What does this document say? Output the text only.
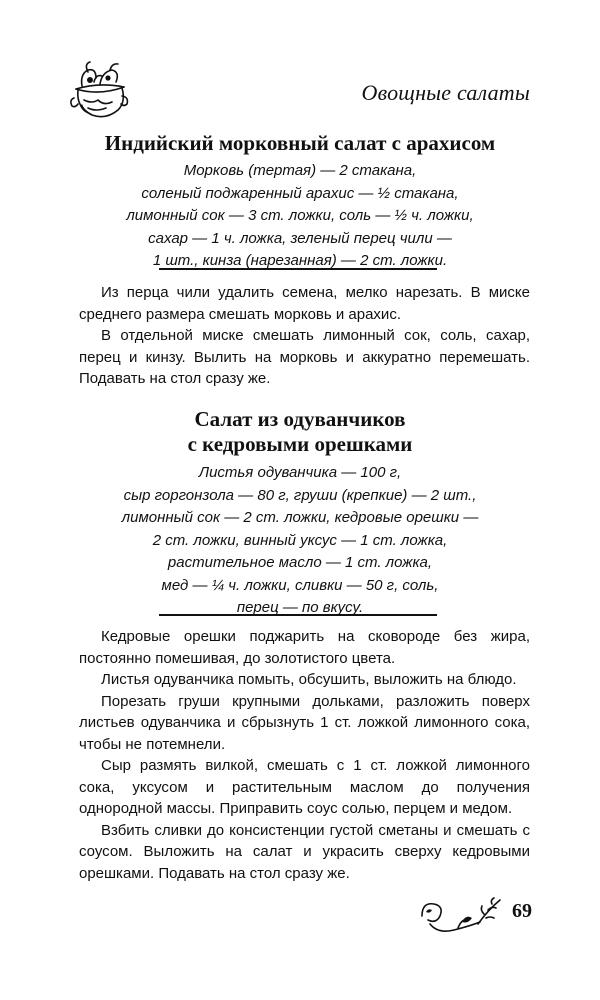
Овощные салаты
Индийский морковный салат с арахисом
Морковь (тертая) — 2 стакана,
соленый поджаренный арахис — ½ стакана,
лимонный сок — 3 ст. ложки, соль — ½ ч. ложки,
сахар — 1 ч. ложка, зеленый перец чили —
1 шт., кинза (нарезанная) — 2 ст. ложки.

Из перца чили удалить семена, мелко нарезать. В миске среднего размера смешать морковь и арахис.

В отдельной миске смешать лимонный сок, соль, сахар, перец и кинзу. Вылить на морковь и аккуратно перемешать. Подавать на стол сразу же.

Салат из одуванчиков
с кедровыми орешками
Листья одуванчика — 100 г,
сыр горгонзола — 80 г, груши (крепкие) — 2 шт.,
лимонный сок — 2 ст. ложки, кедровые орешки —
2 ст. ложки, винный уксус — 1 ст. ложка,
растительное масло — 1 ст. ложка,
мед — ¼ ч. ложки, сливки — 50 г, соль,
перец — по вкусу.

Кедровые орешки поджарить на сковороде без жира, постоянно помешивая, до золотистого цвета.

Листья одуванчика помыть, обсушить, выложить на блюдо.

Порезать груши крупными дольками, разложить поверх листьев одуванчика и сбрызнуть 1 ст. ложкой лимонного сока, чтобы не потемнели.

Сыр размять вилкой, смешать с 1 ст. ложкой лимонного сока, уксусом и растительным маслом до получения однородной массы. Приправить соус солью, перцем и медом.

Взбить сливки до консистенции густой сметаны и смешать с соусом. Выложить на салат и украсить сверху кедровыми орешками. Подавать на стол сразу же.

69
